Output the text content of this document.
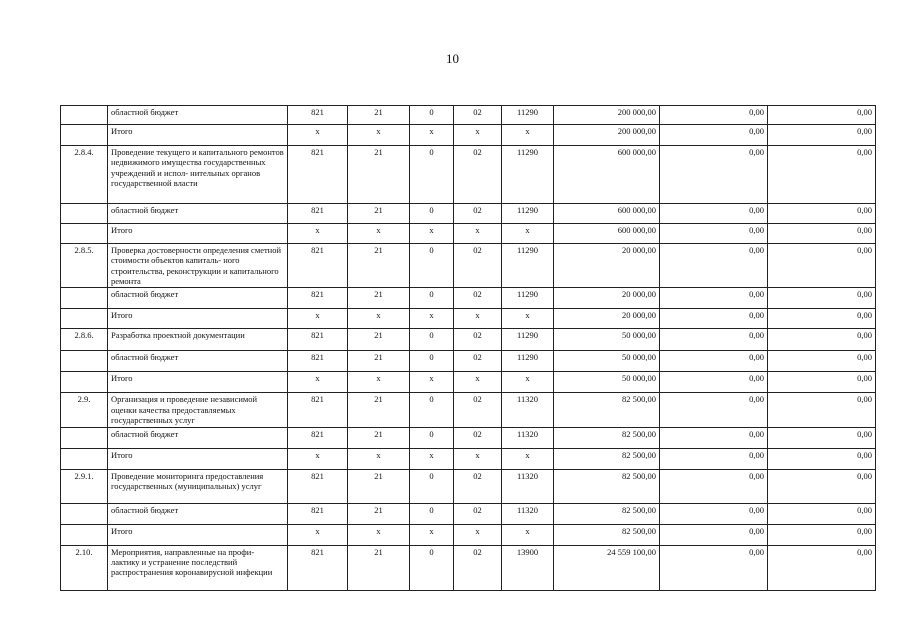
10
	областной бюджет	821	21	0	02	11290	200 000,00	0,00	0,00
	Итого	x	x	x	x	x	200 000,00	0,00	0,00
2.8.4.	Проведение текущего и капитального ремонтов недвижимого имущества государственных учреждений и испол- нительных органов государственной власти	821	21	0	02	11290	600 000,00	0,00	0,00
	областной бюджет	821	21	0	02	11290	600 000,00	0,00	0,00
	Итого	x	x	x	x	x	600 000,00	0,00	0,00
2.8.5.	Проверка достоверности определения сметной стоимости объектов капиталь- ного строительства, реконструкции и капитального ремонта	821	21	0	02	11290	20 000,00	0,00	0,00
	областной бюджет	821	21	0	02	11290	20 000,00	0,00	0,00
	Итого	x	x	x	x	x	20 000,00	0,00	0,00
2.8.6.	Разработка проектной документации	821	21	0	02	11290	50 000,00	0,00	0,00
	областной бюджет	821	21	0	02	11290	50 000,00	0,00	0,00
	Итого	x	x	x	x	x	50 000,00	0,00	0,00
2.9.	Организация и проведение независимой оценки качества предоставляемых государственных услуг	821	21	0	02	11320	82 500,00	0,00	0,00
	областной бюджет	821	21	0	02	11320	82 500,00	0,00	0,00
	Итого	x	x	x	x	x	82 500,00	0,00	0,00
2.9.1.	Проведение мониторинга предоставления государственных (муниципальных) услуг	821	21	0	02	11320	82 500,00	0,00	0,00
	областной бюджет	821	21	0	02	11320	82 500,00	0,00	0,00
	Итого	x	x	x	x	x	82 500,00	0,00	0,00
2.10.	Мероприятия, направленные на профи- лактику и устранение последствий распространения коронавирусной инфекции	821	21	0	02	13900	24 559 100,00	0,00	0,00
